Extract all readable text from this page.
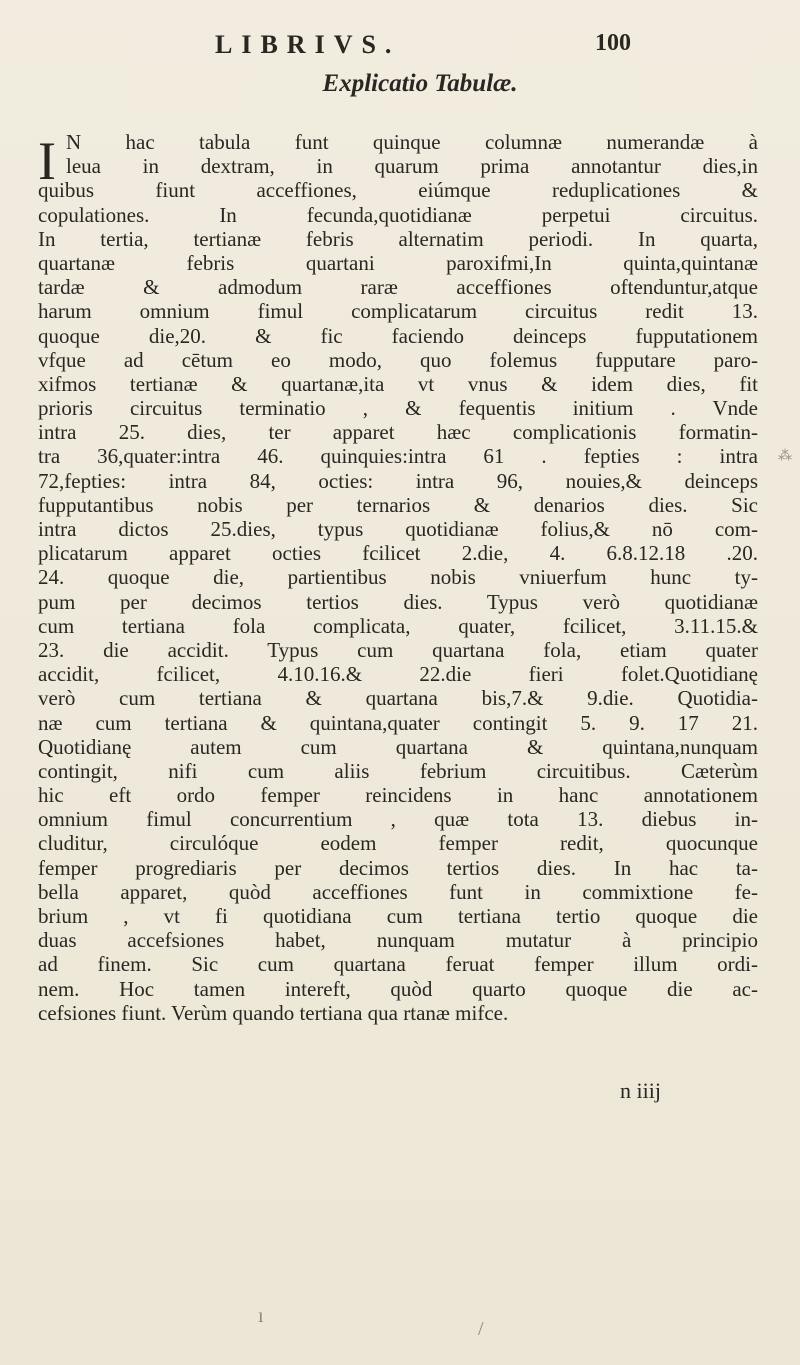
LIBRIVS.	100
Explicatio Tabulæ.
I N hac tabula funt quinque columnæ numerandæ à
leua in dextram, in quarum prima annotantur dies,in
quibus fiunt acceffiones, eiúmque reduplicationes &
copulationes. In fecunda,quotidianæ perpetui circuitus.
In tertia, tertianæ febris alternatim periodi. In quarta,
quartanæ febris quartani paroxifmi,In quinta,quintanæ
tardæ & admodum raræ acceffiones oftenduntur,atque
harum omnium fimul complicatarum circuitus redit 13.
quoque die,20. & fic faciendo deinceps fupputationem
vfque ad cētum eo modo, quo folemus fupputare paro-
xifmos tertianæ & quartanæ,ita vt vnus & idem dies, fit
prioris circuitus terminatio , & fequentis initium . Vnde
intra 25. dies, ter apparet hæc complicationis formatin-
tra 36,quater:intra 46. quinquies:intra 61 . fepties : intra
72,fepties: intra 84, octies: intra 96, nouies,& deinceps
fupputantibus nobis per ternarios & denarios dies. Sic
intra dictos 25.dies, typus quotidianæ folius,& nō com-
plicatarum apparet octies fcilicet 2.die, 4. 6.8.12.18 .20.
24. quoque die, partientibus nobis vniuerfum hunc ty-
pum per decimos tertios dies. Typus verò quotidianæ
cum tertiana fola complicata, quater, fcilicet, 3.11.15.&
23. die accidit. Typus cum quartana fola, etiam quater
accidit, fcilicet, 4.10.16.& 22.die fieri folet.Quotidianę
verò cum tertiana & quartana bis,7.& 9.die. Quotidia-
næ cum tertiana & quintana,quater contingit 5. 9. 17 21.
Quotidianę autem cum quartana & quintana,nunquam
contingit, nifi cum aliis febrium circuitibus. Cæterùm
hic eft ordo femper reincidens in hanc annotationem
omnium fimul concurrentium , quæ tota 13. diebus in-
cluditur, circulóque eodem femper redit, quocunque
femper progrediaris per decimos tertios dies. In hac ta-
bella apparet, quòd acceffiones funt in commixtione fe-
brium , vt fi quotidiana cum tertiana tertio quoque die
duas accefsiones habet, nunquam mutatur à principio
ad finem. Sic cum quartana feruat femper illum ordi-
nem. Hoc tamen intereft, quòd quarto quoque die ac-
cefsiones fiunt. Verùm quando tertiana qua rtanæ mifce.
n iiij
⁂
ı
/
